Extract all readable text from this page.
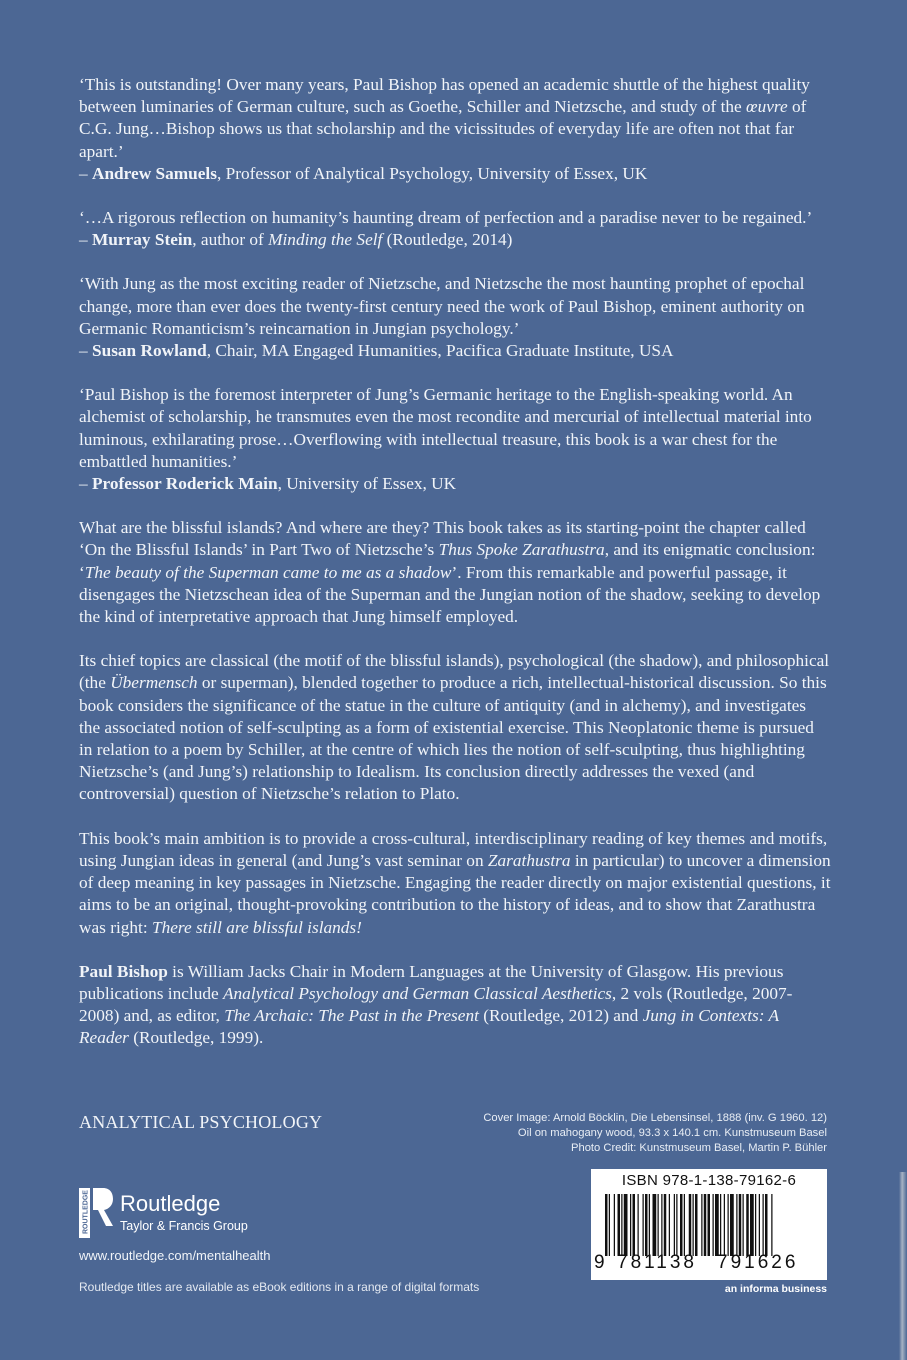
‘This is outstanding! Over many years, Paul Bishop has opened an academic shuttle of the highest quality between luminaries of German culture, such as Goethe, Schiller and Nietzsche, and study of the œuvre of C.G. Jung…Bishop shows us that scholarship and the vicissitudes of everyday life are often not that far apart.’
– Andrew Samuels, Professor of Analytical Psychology, University of Essex, UK

‘…A rigorous reflection on humanity’s haunting dream of perfection and a paradise never to be regained.’
– Murray Stein, author of Minding the Self (Routledge, 2014)

‘With Jung as the most exciting reader of Nietzsche, and Nietzsche the most haunting prophet of epochal change, more than ever does the twenty-first century need the work of Paul Bishop, eminent authority on Germanic Romanticism’s reincarnation in Jungian psychology.’
– Susan Rowland, Chair, MA Engaged Humanities, Pacifica Graduate Institute, USA

‘Paul Bishop is the foremost interpreter of Jung’s Germanic heritage to the English-speaking world. An alchemist of scholarship, he transmutes even the most recondite and mercurial of intellectual material into luminous, exhilarating prose…Overflowing with intellectual treasure, this book is a war chest for the embattled humanities.’
– Professor Roderick Main, University of Essex, UK

What are the blissful islands? And where are they? This book takes as its starting-point the chapter called ‘On the Blissful Islands’ in Part Two of Nietzsche’s Thus Spoke Zarathustra, and its enigmatic conclusion: ‘The beauty of the Superman came to me as a shadow’. From this remarkable and powerful passage, it disengages the Nietzschean idea of the Superman and the Jungian notion of the shadow, seeking to develop the kind of interpretative approach that Jung himself employed.

Its chief topics are classical (the motif of the blissful islands), psychological (the shadow), and philosophical (the Übermensch or superman), blended together to produce a rich, intellectual-historical discussion. So this book considers the significance of the statue in the culture of antiquity (and in alchemy), and investigates the associated notion of self-sculpting as a form of existential exercise. This Neoplatonic theme is pursued in relation to a poem by Schiller, at the centre of which lies the notion of self-sculpting, thus highlighting Nietzsche’s (and Jung’s) relationship to Idealism. Its conclusion directly addresses the vexed (and controversial) question of Nietzsche’s relation to Plato.

This book’s main ambition is to provide a cross-cultural, interdisciplinary reading of key themes and motifs, using Jungian ideas in general (and Jung’s vast seminar on Zarathustra in particular) to uncover a dimension of deep meaning in key passages in Nietzsche. Engaging the reader directly on major existential questions, it aims to be an original, thought-provoking contribution to the history of ideas, and to show that Zarathustra was right: There still are blissful islands!

Paul Bishop is William Jacks Chair in Modern Languages at the University of Glasgow. His previous publications include Analytical Psychology and German Classical Aesthetics, 2 vols (Routledge, 2007-2008) and, as editor, The Archaic: The Past in the Present (Routledge, 2012) and Jung in Contexts: A Reader (Routledge, 1999).

ANALYTICAL PSYCHOLOGY	Cover Image: Arnold Böcklin, Die Lebensinsel, 1888 (inv. G 1960. 12)
Oil on mahogany wood, 93.3 x 140.1 cm. Kunstmuseum Basel
Photo Credit: Kunstmuseum Basel, Martin P. Bühler
ROUTLEDGE Routledge
Taylor & Francis Group
www.routledge.com/mentalhealth
Routledge titles are available as eBook editions in a range of digital formats
ISBN 978-1-138-79162-6
9 781138 791626
an informa business
